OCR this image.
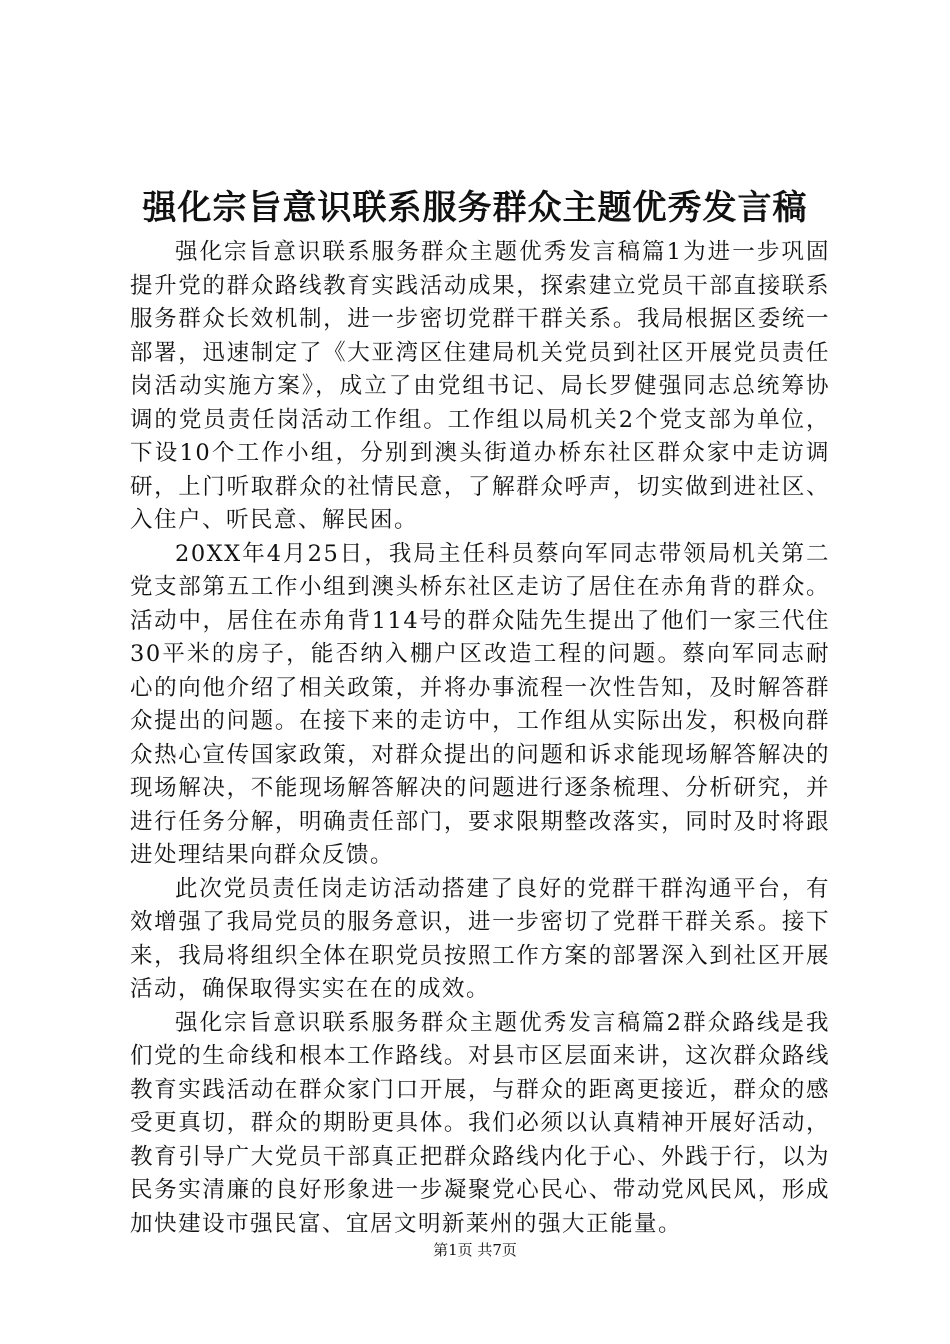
强化宗旨意识联系服务群众主题优秀发言稿

强化宗旨意识联系服务群众主题优秀发言稿篇1为进一步巩固提升党的群众路线教育实践活动成果，探索建立党员干部直接联系服务群众长效机制，进一步密切党群干群关系。我局根据区委统一部署，迅速制定了《大亚湾区住建局机关党员到社区开展党员责任岗活动实施方案》，成立了由党组书记、局长罗健强同志总统筹协调的党员责任岗活动工作组。工作组以局机关2个党支部为单位，下设10个工作小组，分别到澳头街道办桥东社区群众家中走访调研，上门听取群众的社情民意，了解群众呼声，切实做到进社区、入住户、听民意、解民困。

20XX年4月25日，我局主任科员蔡向军同志带领局机关第二党支部第五工作小组到澳头桥东社区走访了居住在赤角背的群众。活动中，居住在赤角背114号的群众陆先生提出了他们一家三代住30平米的房子，能否纳入棚户区改造工程的问题。蔡向军同志耐心的向他介绍了相关政策，并将办事流程一次性告知，及时解答群众提出的问题。在接下来的走访中，工作组从实际出发，积极向群众热心宣传国家政策，对群众提出的问题和诉求能现场解答解决的现场解决，不能现场解答解决的问题进行逐条梳理、分析研究，并进行任务分解，明确责任部门，要求限期整改落实，同时及时将跟进处理结果向群众反馈。

此次党员责任岗走访活动搭建了良好的党群干群沟通平台，有效增强了我局党员的服务意识，进一步密切了党群干群关系。接下来，我局将组织全体在职党员按照工作方案的部署深入到社区开展活动，确保取得实实在在的成效。

强化宗旨意识联系服务群众主题优秀发言稿篇2群众路线是我们党的生命线和根本工作路线。对县市区层面来讲，这次群众路线教育实践活动在群众家门口开展，与群众的距离更接近，群众的感受更真切，群众的期盼更具体。我们必须以认真精神开展好活动，教育引导广大党员干部真正把群众路线内化于心、外践于行，以为民务实清廉的良好形象进一步凝聚党心民心、带动党风民风，形成加快建设市强民富、宜居文明新莱州的强大正能量。

第1页 共7页
